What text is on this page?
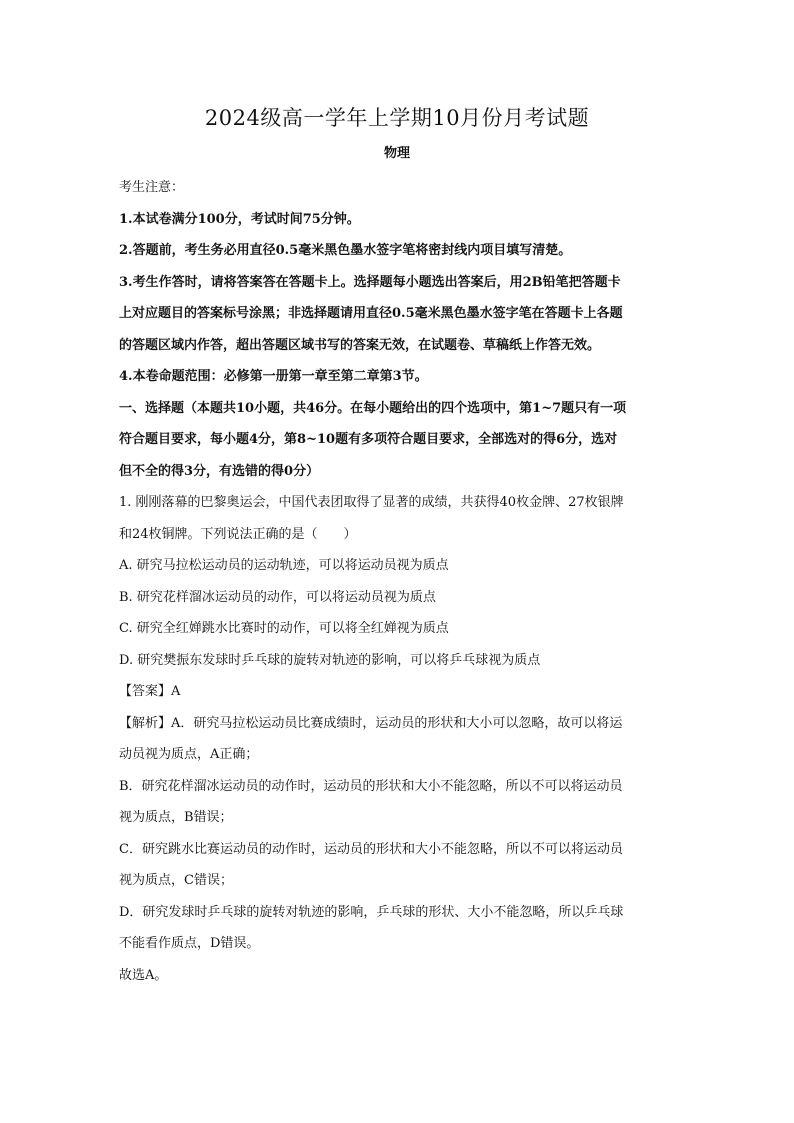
2024级高一学年上学期10月份月考试题
物理
考生注意：
1.本试卷满分100分，考试时间75分钟。
2.答题前，考生务必用直径0.5毫米黑色墨水签字笔将密封线内项目填写清楚。
3.考生作答时，请将答案答在答题卡上。选择题每小题选出答案后，用2B铅笔把答题卡
上对应题目的答案标号涂黑；非选择题请用直径0.5毫米黑色墨水签字笔在答题卡上各题
的答题区域内作答，超出答题区域书写的答案无效，在试题卷、草稿纸上作答无效。
4.本卷命题范围：必修第一册第一章至第二章第3节。
一、选择题（本题共10小题，共46分。在每小题给出的四个选项中，第1~7题只有一项
符合题目要求，每小题4分，第8~10题有多项符合题目要求，全部选对的得6分，选对
但不全的得3分，有选错的得0分）
1. 刚刚落幕的巴黎奥运会，中国代表团取得了显著的成绩，共获得40枚金牌、27枚银牌
和24枚铜牌。下列说法正确的是（　　）
A. 研究马拉松运动员的运动轨迹，可以将运动员视为质点
B. 研究花样溜冰运动员的动作，可以将运动员视为质点
C. 研究全红婵跳水比赛时的动作，可以将全红婵视为质点
D. 研究樊振东发球时乒乓球的旋转对轨迹的影响，可以将乒乓球视为质点
【答案】A
【解析】A．研究马拉松运动员比赛成绩时，运动员的形状和大小可以忽略，故可以将运
动员视为质点，A正确；
B．研究花样溜冰运动员的动作时，运动员的形状和大小不能忽略，所以不可以将运动员
视为质点，B错误；
C．研究跳水比赛运动员的动作时，运动员的形状和大小不能忽略，所以不可以将运动员
视为质点，C错误；
D．研究发球时乒乓球的旋转对轨迹的影响，乒乓球的形状、大小不能忽略，所以乒乓球
不能看作质点，D错误。
故选A。
